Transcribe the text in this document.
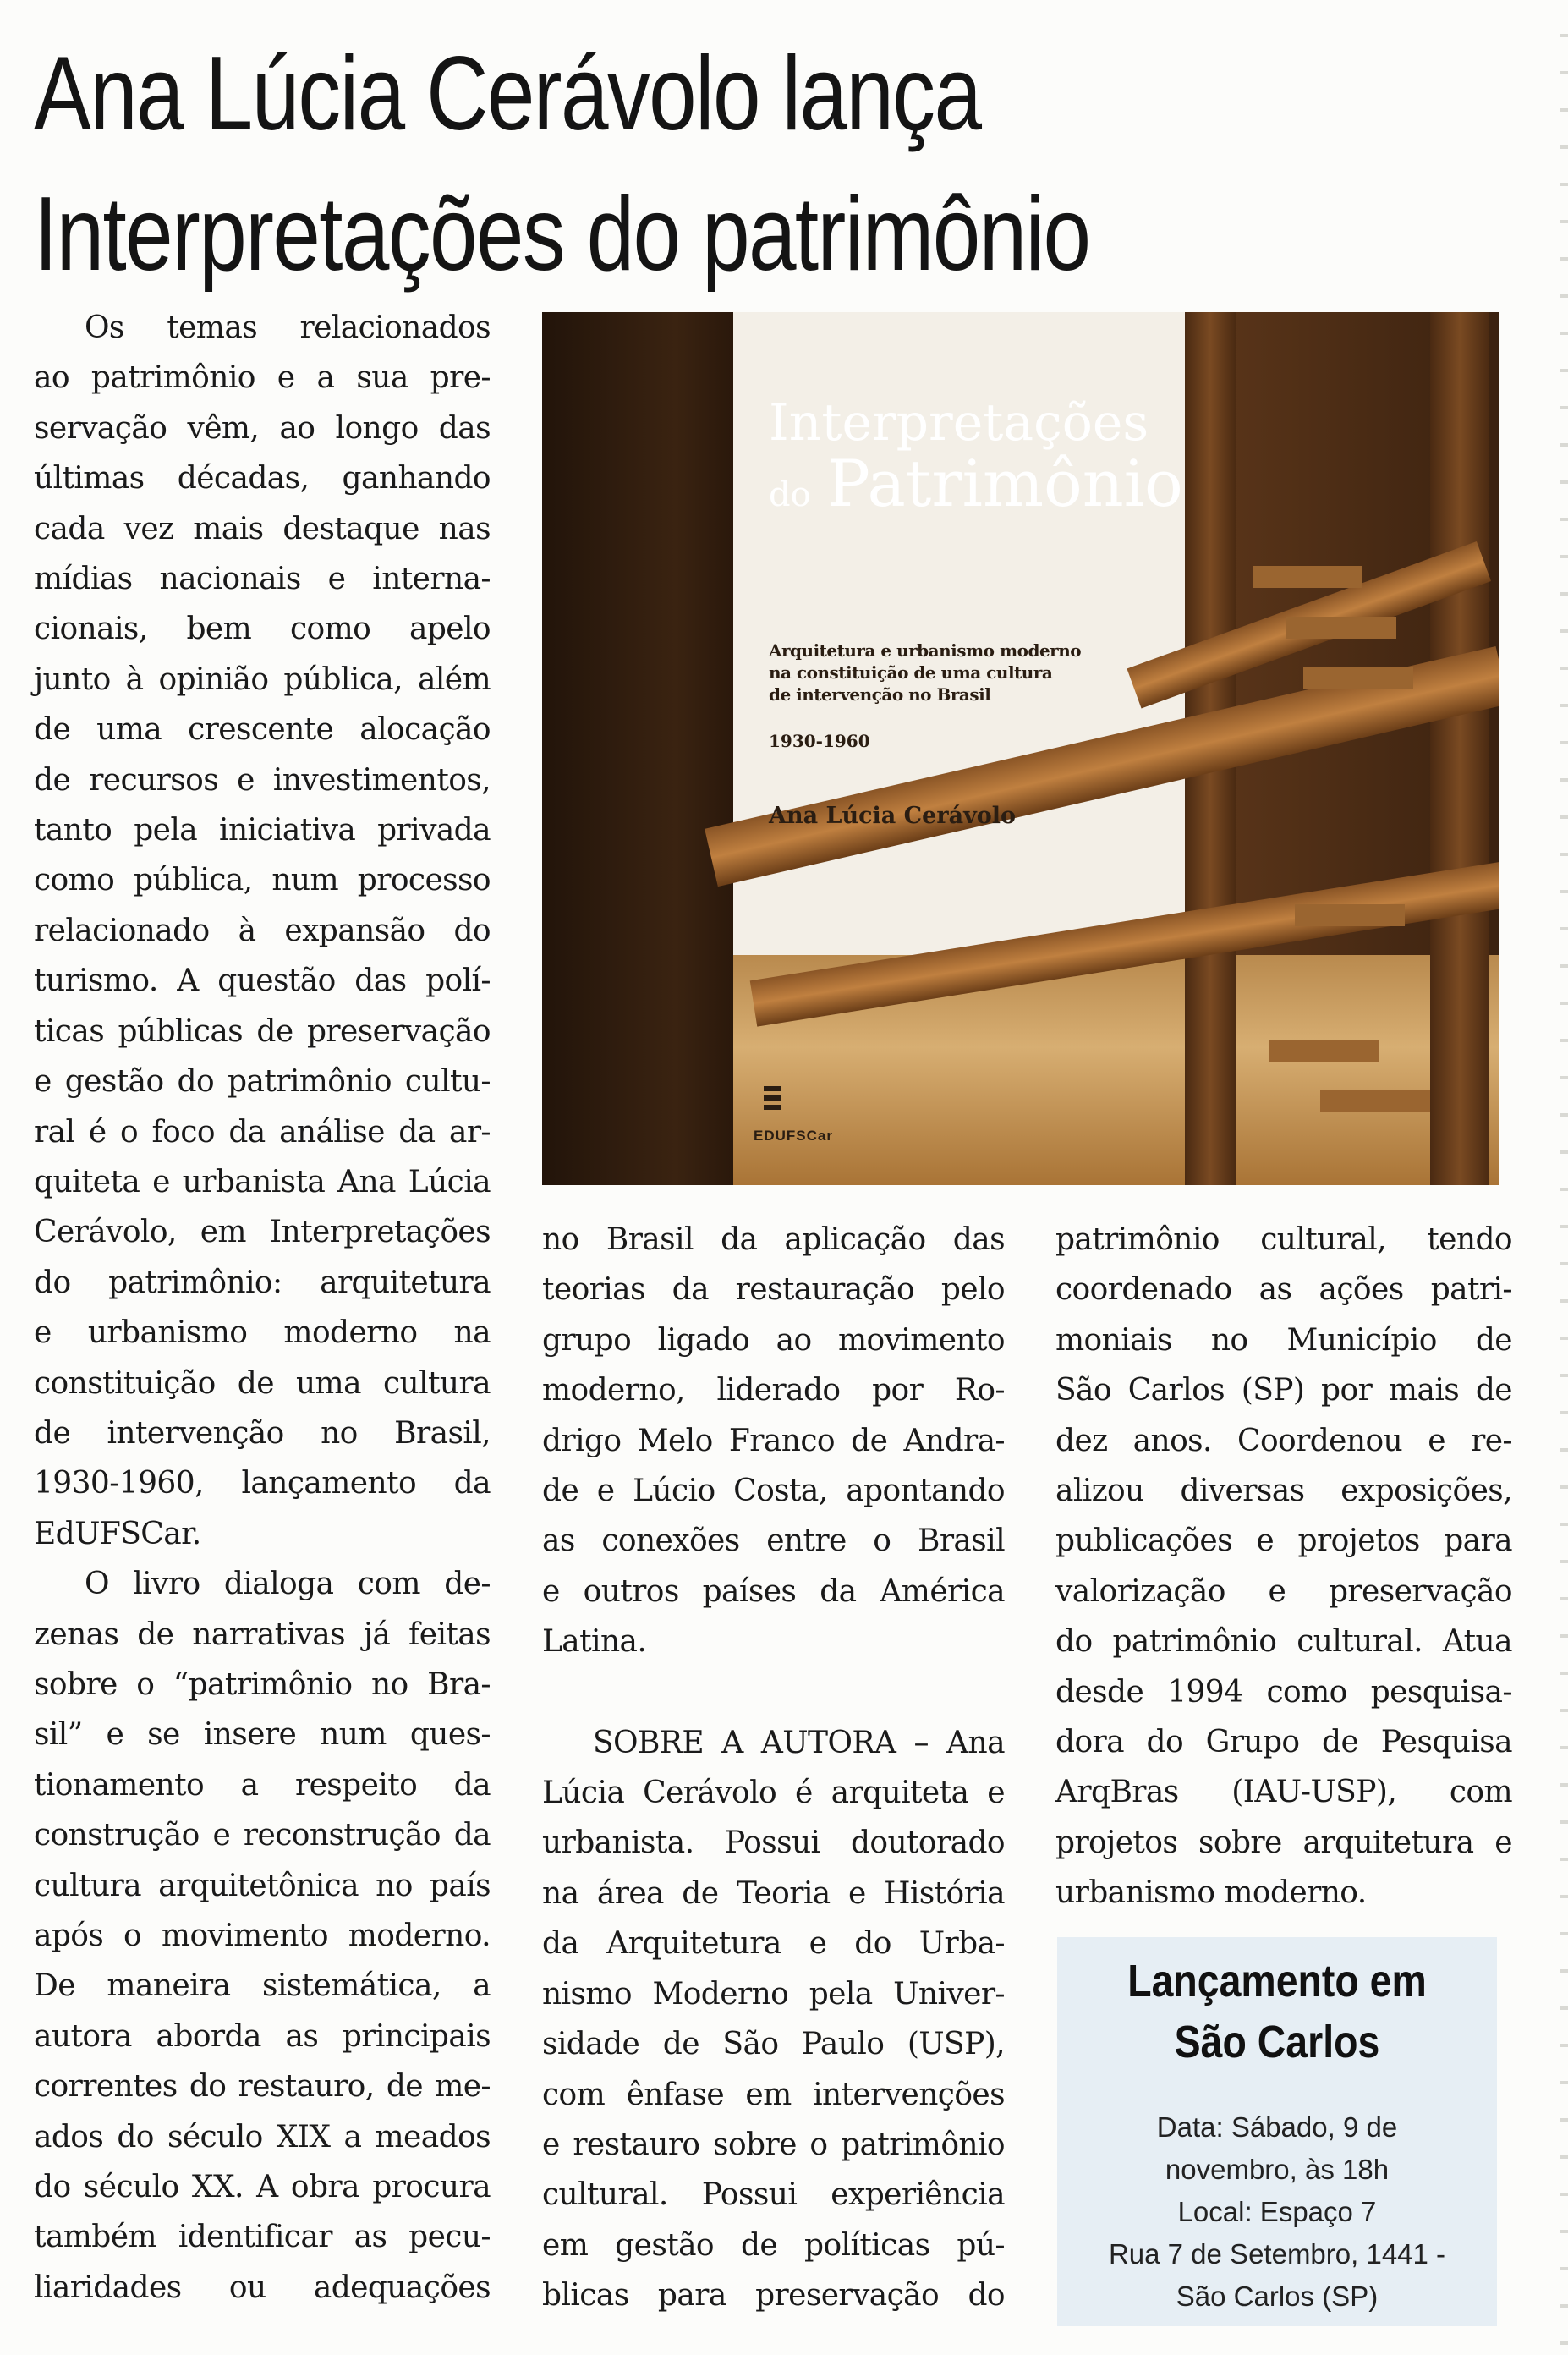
Ana Lúcia Cerávolo lança
Interpretações do patrimônio
Os temas relacionados
ao patrimônio e a sua pre-
servação vêm, ao longo das
últimas décadas, ganhando
cada vez mais destaque nas
mídias nacionais e interna-
cionais, bem como apelo
junto à opinião pública, além
de uma crescente alocação
de recursos e investimentos,
tanto pela iniciativa privada
como pública, num processo
relacionado à expansão do
turismo. A questão das polí-
ticas públicas de preservação
e gestão do patrimônio cultu-
ral é o foco da análise da ar-
quiteta e urbanista Ana Lúcia
Cerávolo, em Interpretações
do patrimônio: arquitetura
e urbanismo moderno na
constituição de uma cultura
de intervenção no Brasil,
1930-1960, lançamento da
EdUFSCar.
O livro dialoga com de-
zenas de narrativas já feitas
sobre o “patrimônio no Bra-
sil” e se insere num ques-
tionamento a respeito da
construção e reconstrução da
cultura arquitetônica no país
após o movimento moderno.
De maneira sistemática, a
autora aborda as principais
correntes do restauro, de me-
ados do século XIX a meados
do século XX. A obra procura
também identificar as pecu-
liaridades ou adequações
Interpretações
do Patrimônio
Arquitetura e urbanismo moderno
na constituição de uma cultura
de intervenção no Brasil
1930-1960
Ana Lúcia Cerávolo
EDUFSCar
no Brasil da aplicação das
teorias da restauração pelo
grupo ligado ao movimento
moderno, liderado por Ro-
drigo Melo Franco de Andra-
de e Lúcio Costa, apontando
as conexões entre o Brasil
e outros países da América
Latina.
SOBRE A AUTORA – Ana
Lúcia Cerávolo é arquiteta e
urbanista. Possui doutorado
na área de Teoria e História
da Arquitetura e do Urba-
nismo Moderno pela Univer-
sidade de São Paulo (USP),
com ênfase em intervenções
e restauro sobre o patrimônio
cultural. Possui experiência
em gestão de políticas pú-
blicas para preservação do
patrimônio cultural, tendo
coordenado as ações patri-
moniais no Município de
São Carlos (SP) por mais de
dez anos. Coordenou e re-
alizou diversas exposições,
publicações e projetos para
valorização e preservação
do patrimônio cultural. Atua
desde 1994 como pesquisa-
dora do Grupo de Pesquisa
ArqBras (IAU-USP), com
projetos sobre arquitetura e
urbanismo moderno.
Lançamento em
São Carlos
Data: Sábado, 9 de
novembro, às 18h
Local: Espaço 7
Rua 7 de Setembro, 1441 -
São Carlos (SP)
